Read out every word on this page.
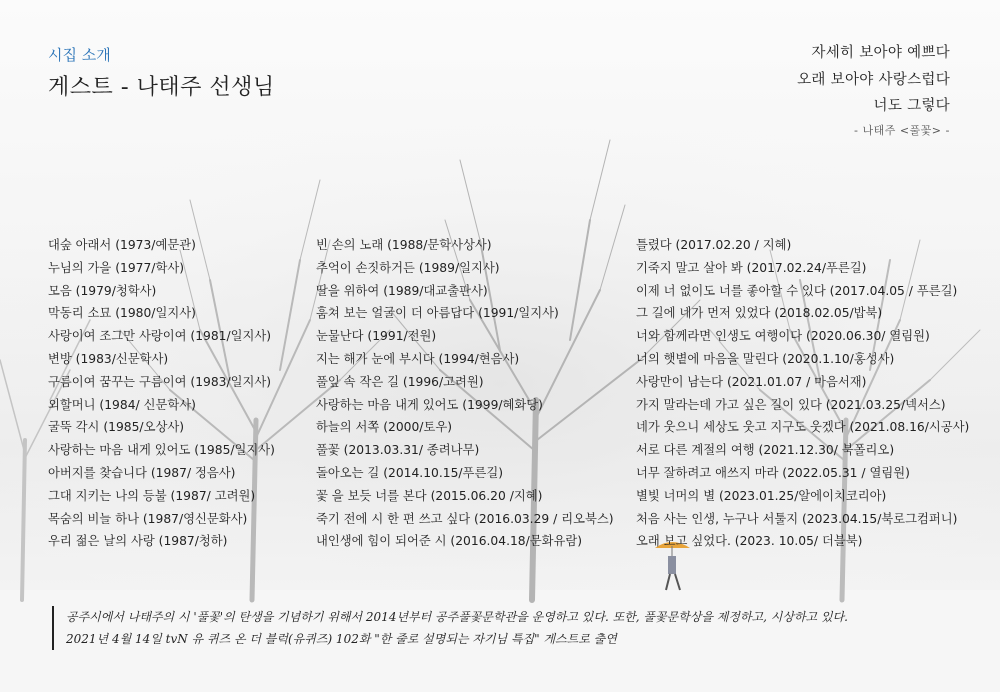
시집 소개
게스트 - 나태주 선생님
자세히 보아야 예쁘다
오래 보아야 사랑스럽다
너도 그렇다
- 나태주 <풀꽃> -
대숲 아래서 (1973/예문관)
누님의 가을 (1977/학사)
모음 (1979/청학사)
막동리 소묘 (1980/일지사)
사랑이여 조그만 사랑이여 (1981/일지사)
변방 (1983/신문학사)
구름이여 꿈꾸는 구름이여 (1983/일지사)
외할머니 (1984/ 신문학사)
굴뚝 각시 (1985/오상사)
사랑하는 마음 내게 있어도 (1985/일지사)
아버지를 찾습니다 (1987/ 정음사)
그대 지키는 나의 등불 (1987/ 고려원)
목숨의 비늘 하나 (1987/영신문화사)
우리 젊은 날의 사랑 (1987/청하)
빈 손의 노래 (1988/문학사상사)
추억이 손짓하거든 (1989/일지사)
딸을 위하여 (1989/대교출판사)
훔쳐 보는 얼굴이 더 아름답다 (1991/일지사)
눈물난다 (1991/전원)
지는 해가 눈에 부시다 (1994/현음사)
풀잎 속 작은 길 (1996/고려원)
사랑하는 마음 내게 있어도 (1999/혜화당)
하늘의 서쪽 (2000/토우)
풀꽃 (2013.03.31/ 종려나무)
돌아오는 길 (2014.10.15/푸른길)
꽃 을 보듯 너를 본다 (2015.06.20 /지혜)
죽기 전에 시 한 편 쓰고 싶다 (2016.03.29 / 리오북스)
내인생에 힘이 되어준 시 (2016.04.18/문화유람)
틀렸다 (2017.02.20 / 지혜)
기죽지 말고 살아 봐 (2017.02.24/푸른길)
이제 너 없이도 너를 좋아할 수 있다 (2017.04.05 / 푸른길)
그 길에 네가 먼저 있었다 (2018.02.05/밥북)
너와 함께라면 인생도 여행이다 (2020.06.30/ 열림원)
너의 햇볕에 마음을 말린다 (2020.1.10/홍성사)
사랑만이 남는다 (2021.01.07 / 마음서재)
가지 말라는데 가고 싶은 길이 있다 (2021.03.25/넥서스)
네가 웃으니 세상도 웃고 지구도 웃겠다 (2021.08.16/시공사)
서로 다른 계절의 여행 (2021.12.30/ 북폴리오)
너무 잘하려고 애쓰지 마라 (2022.05.31 / 열림원)
별빛 너머의 별 (2023.01.25/알에이치코리아)
처음 사는 인생, 누구나 서툴지 (2023.04.15/북로그컴퍼니)
오래 보고 싶었다. (2023. 10.05/ 더블북)
공주시에서 나태주의 시 '풀꽃'의 탄생을 기념하기 위해서 2014년부터 공주풀꽃문학관을 운영하고 있다. 또한, 풀꽃문학상을 제정하고, 시상하고 있다.
2021년 4월 14일 tvN 유 퀴즈 온 더 블럭(유퀴즈) 102화 "한 줄로 설명되는 자기님 특집" 게스트로 출연
